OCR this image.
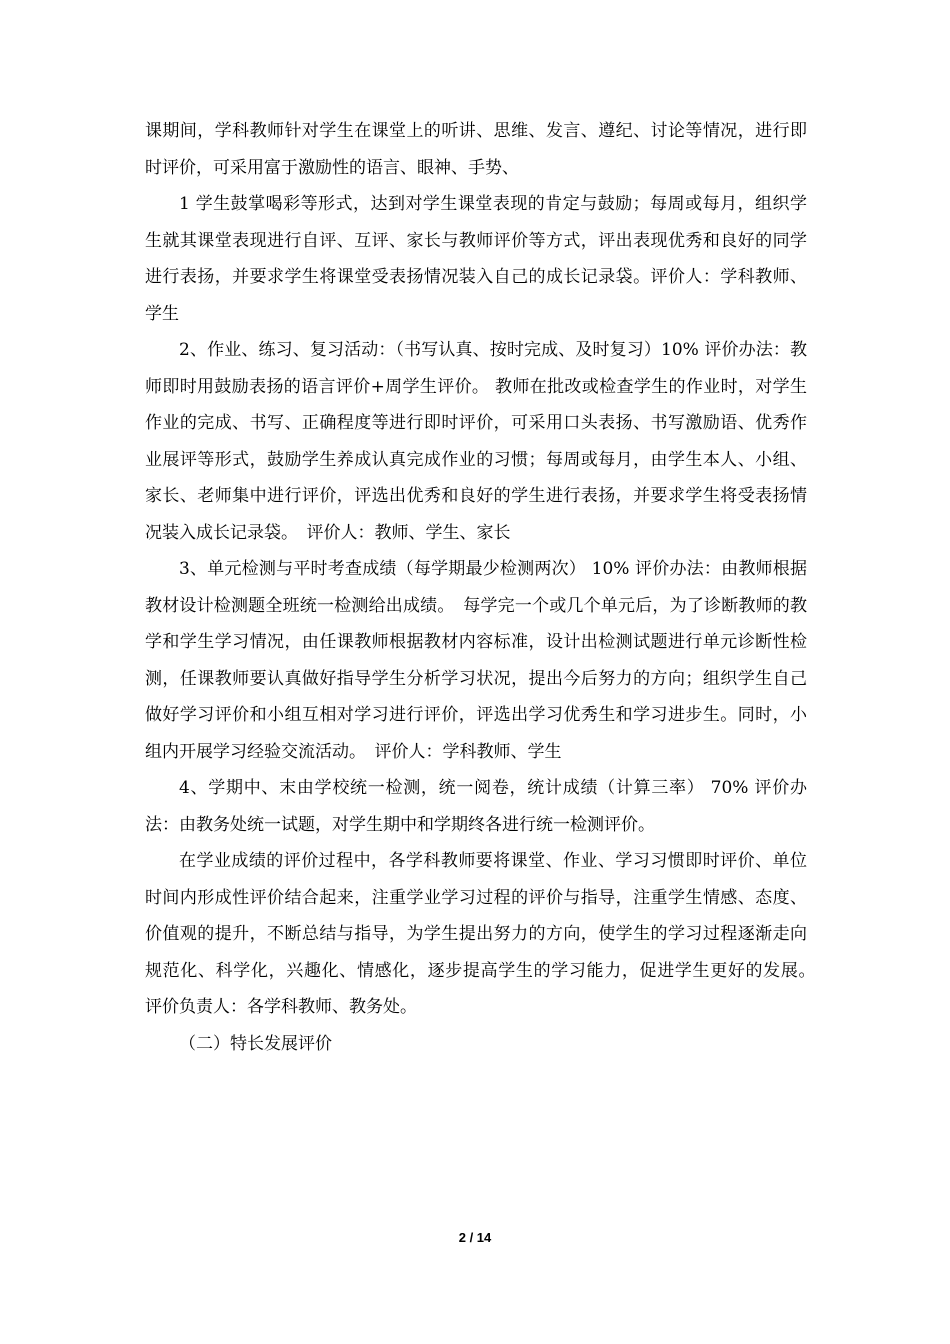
课期间，学科教师针对学生在课堂上的听讲、思维、发言、遵纪、讨论等情况，进行即时评价，可采用富于激励性的语言、眼神、手势、

1 学生鼓掌喝彩等形式，达到对学生课堂表现的肯定与鼓励；每周或每月，组织学生就其课堂表现进行自评、互评、家长与教师评价等方式，评出表现优秀和良好的同学进行表扬，并要求学生将课堂受表扬情况装入自己的成长记录袋。评价人：学科教师、学生

2、作业、练习、复习活动：（书写认真、按时完成、及时复习）10% 评价办法：教师即时用鼓励表扬的语言评价+周学生评价。 教师在批改或检查学生的作业时，对学生作业的完成、书写、正确程度等进行即时评价，可采用口头表扬、书写激励语、优秀作业展评等形式，鼓励学生养成认真完成作业的习惯；每周或每月，由学生本人、小组、家长、老师集中进行评价，评选出优秀和良好的学生进行表扬，并要求学生将受表扬情况装入成长记录袋。　评价人：教师、学生、家长

3、单元检测与平时考查成绩（每学期最少检测两次） 10% 评价办法：由教师根据教材设计检测题全班统一检测给出成绩。　每学完一个或几个单元后，为了诊断教师的教学和学生学习情况，由任课教师根据教材内容标准，设计出检测试题进行单元诊断性检测，任课教师要认真做好指导学生分析学习状况，提出今后努力的方向；组织学生自己做好学习评价和小组互相对学习进行评价，评选出学习优秀生和学习进步生。同时，小组内开展学习经验交流活动。　评价人：学科教师、学生

4、学期中、末由学校统一检测，统一阅卷，统计成绩（计算三率） 70% 评价办法：由教务处统一试题，对学生期中和学期终各进行统一检测评价。

在学业成绩的评价过程中，各学科教师要将课堂、作业、学习习惯即时评价、单位时间内形成性评价结合起来，注重学业学习过程的评价与指导，注重学生情感、态度、价值观的提升，不断总结与指导，为学生提出努力的方向，使学生的学习过程逐渐走向规范化、科学化，兴趣化、情感化，逐步提高学生的学习能力，促进学生更好的发展。　评价负责人：各学科教师、教务处。

（二）特长发展评价

2 / 14
